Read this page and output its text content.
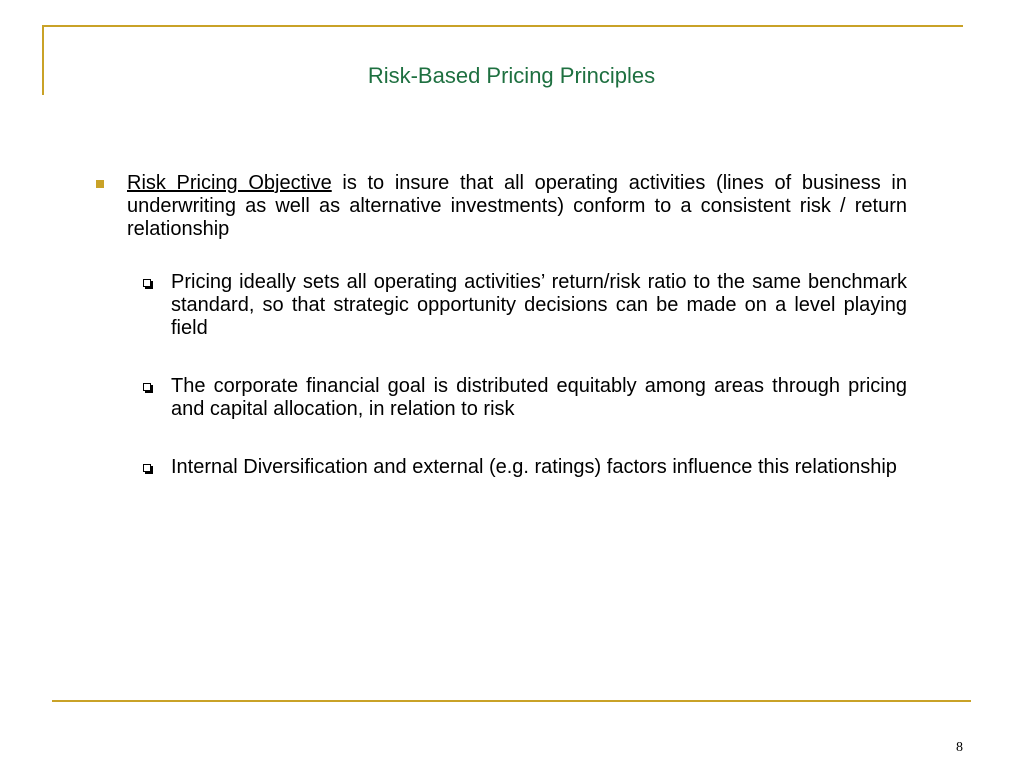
Risk-Based Pricing Principles
Risk Pricing Objective is to insure that all operating activities (lines of business in underwriting as well as alternative investments) conform to a consistent risk / return relationship
Pricing ideally sets all operating activities’ return/risk ratio to the same benchmark standard, so that strategic opportunity decisions can be made on a level playing field
The corporate financial goal is distributed equitably among areas through pricing and capital allocation, in relation to risk
Internal Diversification and external (e.g. ratings) factors influence this relationship
8
